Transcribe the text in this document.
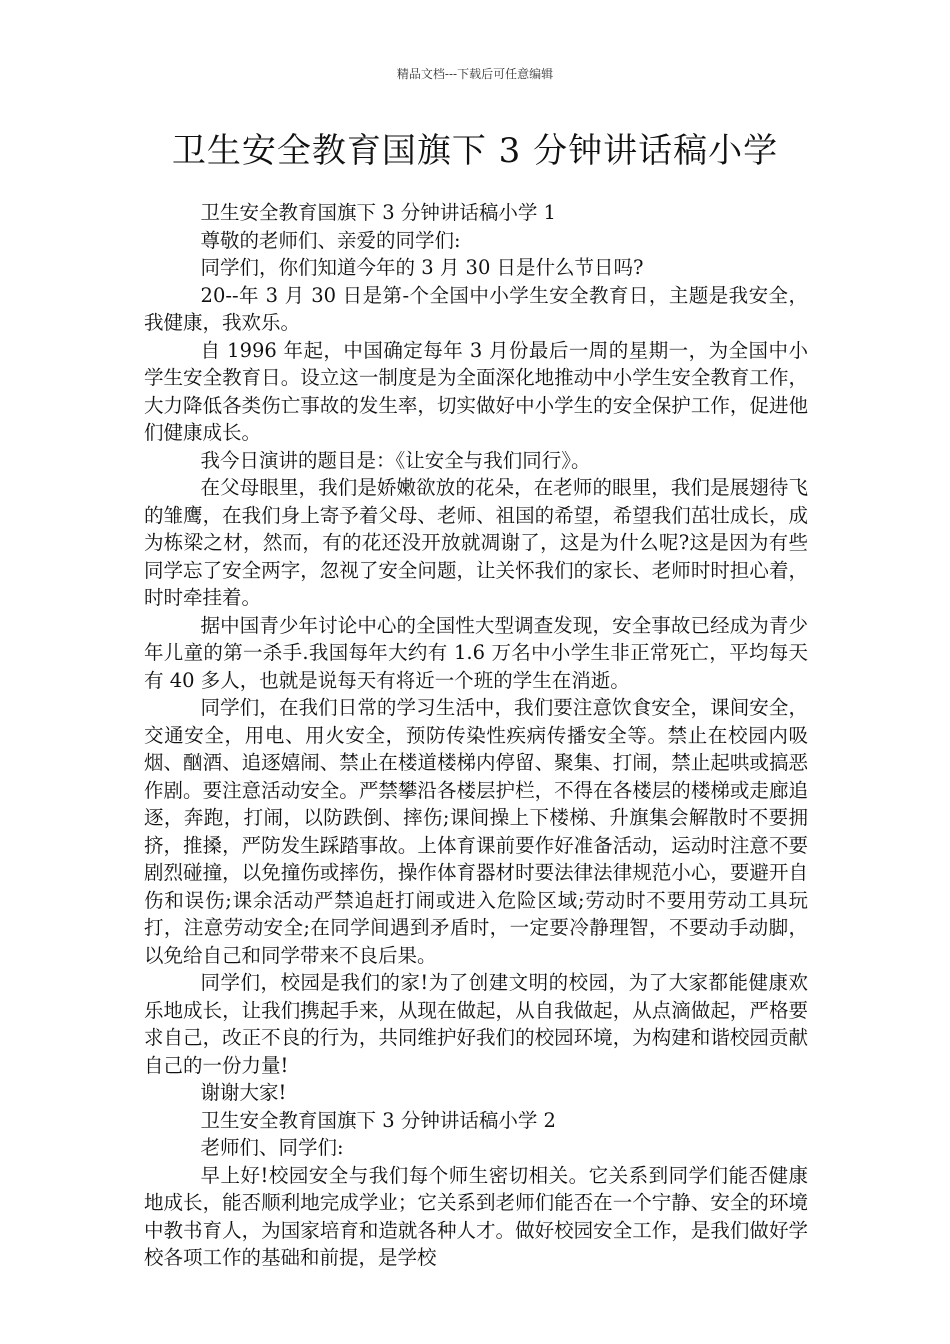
精品文档---下载后可任意编辑
卫生安全教育国旗下 3 分钟讲话稿小学

卫生安全教育国旗下 3 分钟讲话稿小学 1

尊敬的老师们、亲爱的同学们:

同学们，你们知道今年的 3 月 30 日是什么节日吗?

20--年 3 月 30 日是第-个全国中小学生安全教育日，主题是我安全，我健康，我欢乐。

自 1996 年起，中国确定每年 3 月份最后一周的星期一，为全国中小学生安全教育日。设立这一制度是为全面深化地推动中小学生安全教育工作，大力降低各类伤亡事故的发生率，切实做好中小学生的安全保护工作，促进他们健康成长。

我今日演讲的题目是：《让安全与我们同行》。

在父母眼里，我们是娇嫩欲放的花朵，在老师的眼里，我们是展翅待飞的雏鹰，在我们身上寄予着父母、老师、祖国的希望，希望我们茁壮成长，成为栋梁之材，然而，有的花还没开放就凋谢了，这是为什么呢?这是因为有些同学忘了安全两字，忽视了安全问题，让关怀我们的家长、老师时时担心着，时时牵挂着。

据中国青少年讨论中心的全国性大型调查发现，安全事故已经成为青少年儿童的第一杀手.我国每年大约有 1.6 万名中小学生非正常死亡，平均每天有 40 多人，也就是说每天有将近一个班的学生在消逝。

同学们，在我们日常的学习生活中，我们要注意饮食安全，课间安全，交通安全，用电、用火安全，预防传染性疾病传播安全等。禁止在校园内吸烟、酗酒、追逐嬉闹、禁止在楼道楼梯内停留、聚集、打闹，禁止起哄或搞恶作剧。要注意活动安全。严禁攀沿各楼层护栏，不得在各楼层的楼梯或走廊追逐，奔跑，打闹，以防跌倒、摔伤;课间操上下楼梯、升旗集会解散时不要拥挤，推搡，严防发生踩踏事故。上体育课前要作好准备活动，运动时注意不要剧烈碰撞，以免撞伤或摔伤，操作体育器材时要法律法律规范小心，要避开自伤和误伤;课余活动严禁追赶打闹或进入危险区域;劳动时不要用劳动工具玩打，注意劳动安全;在同学间遇到矛盾时，一定要冷静理智，不要动手动脚，以免给自己和同学带来不良后果。

同学们，校园是我们的家!为了创建文明的校园，为了大家都能健康欢乐地成长，让我们携起手来，从现在做起，从自我做起，从点滴做起，严格要求自己，改正不良的行为，共同维护好我们的校园环境，为构建和谐校园贡献自己的一份力量!

谢谢大家!

卫生安全教育国旗下 3 分钟讲话稿小学 2

老师们、同学们:

早上好!校园安全与我们每个师生密切相关。它关系到同学们能否健康地成长，能否顺利地完成学业；它关系到老师们能否在一个宁静、安全的环境中教书育人，为国家培育和造就各种人才。做好校园安全工作，是我们做好学校各项工作的基础和前提，是学校
